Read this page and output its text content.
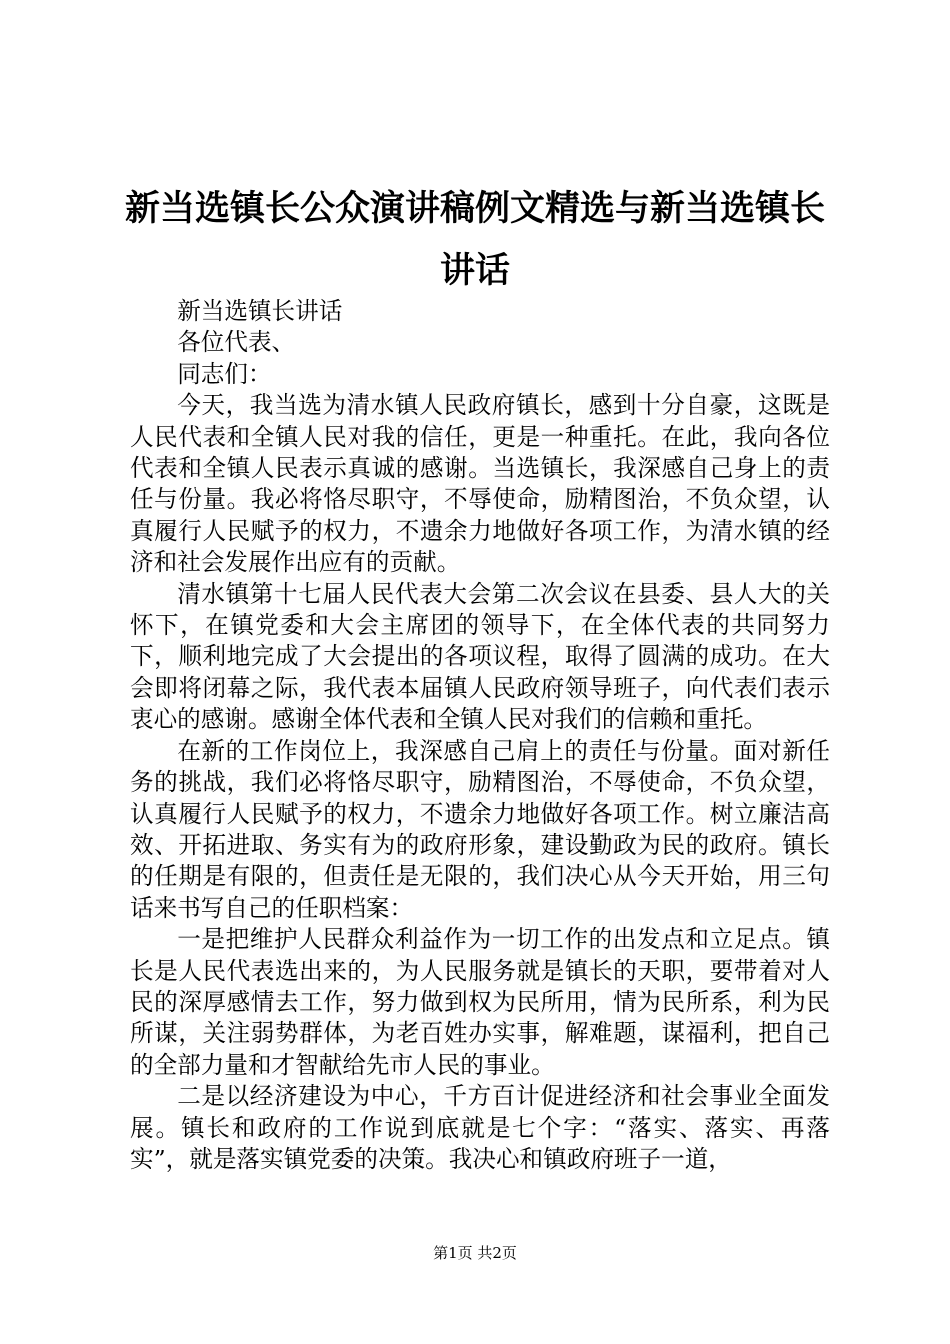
新当选镇长公众演讲稿例文精选与新当选镇长讲话

新当选镇长讲话

各位代表、

同志们：

今天，我当选为清水镇人民政府镇长，感到十分自豪，这既是人民代表和全镇人民对我的信任，更是一种重托。在此，我向各位代表和全镇人民表示真诚的感谢。当选镇长，我深感自己身上的责任与份量。我必将恪尽职守，不辱使命，励精图治，不负众望，认真履行人民赋予的权力，不遗余力地做好各项工作，为清水镇的经济和社会发展作出应有的贡献。

清水镇第十七届人民代表大会第二次会议在县委、县人大的关怀下，在镇党委和大会主席团的领导下，在全体代表的共同努力下，顺利地完成了大会提出的各项议程，取得了圆满的成功。在大会即将闭幕之际，我代表本届镇人民政府领导班子，向代表们表示衷心的感谢。感谢全体代表和全镇人民对我们的信赖和重托。

在新的工作岗位上，我深感自己肩上的责任与份量。面对新任务的挑战，我们必将恪尽职守，励精图治，不辱使命，不负众望，认真履行人民赋予的权力，不遗余力地做好各项工作。树立廉洁高效、开拓进取、务实有为的政府形象，建设勤政为民的政府。镇长的任期是有限的，但责任是无限的，我们决心从今天开始，用三句话来书写自己的任职档案：

一是把维护人民群众利益作为一切工作的出发点和立足点。镇长是人民代表选出来的，为人民服务就是镇长的天职，要带着对人民的深厚感情去工作，努力做到权为民所用，情为民所系，利为民所谋，关注弱势群体，为老百姓办实事，解难题，谋福利，把自己的全部力量和才智献给先市人民的事业。

二是以经济建设为中心，千方百计促进经济和社会事业全面发展。镇长和政府的工作说到底就是七个字：“落实、落实、再落实”，就是落实镇党委的决策。我决心和镇政府班子一道，

第1页 共2页
